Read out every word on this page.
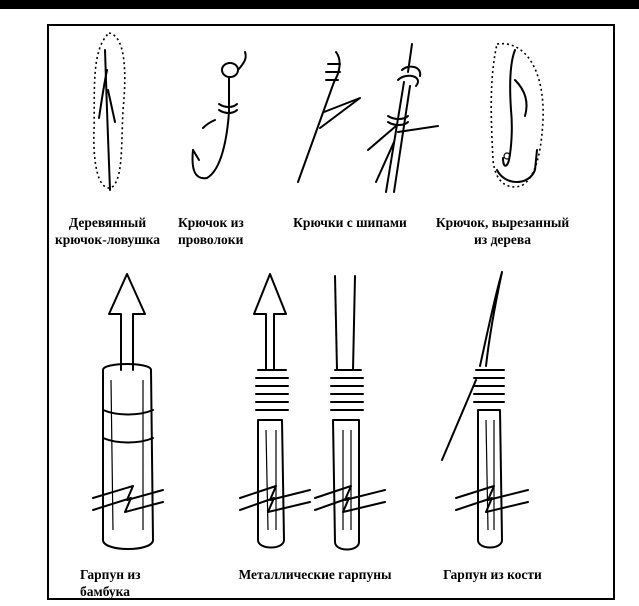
Деревянный
крючок-ловушка
Крючок из
проволоки
Крючки с шипами	Крючок, вырезанный
из дерева
Гарпун из
бамбука
Металлические гарпуны	Гарпун из кости
